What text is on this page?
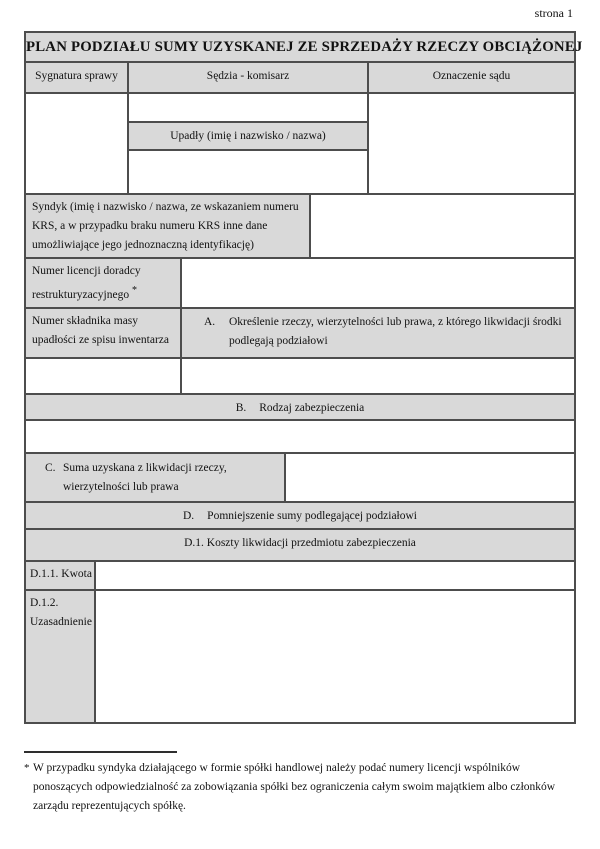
strona 1
PLAN PODZIAŁU SUMY UZYSKANEJ ZE SPRZEDAŻY RZECZY OBCIĄŻONEJ
Sygnatura sprawy	Sędzia - komisarz	Oznaczenie sądu
Upadły (imię i nazwisko / nazwa)
Syndyk (imię i nazwisko / nazwa, ze wskazaniem numeru KRS, a w przypadku braku numeru KRS inne dane umożliwiające jego jednoznaczną identyfikację)
Numer licencji doradcy
restrukturyzacyjnego *
Numer składnika masy
upadłości ze spisu inwentarza
A. Określenie rzeczy, wierzytelności lub prawa, z którego likwidacji środki podlegają podziałowi
B. Rodzaj zabezpieczenia
C. Suma uzyskana z likwidacji rzeczy, wierzytelności lub prawa
D. Pomniejszenie sumy podlegającej podziałowi
D.1. Koszty likwidacji przedmiotu zabezpieczenia
D.1.1. Kwota
D.1.2.
Uzasadnienie
* W przypadku syndyka działającego w formie spółki handlowej należy podać numery licencji wspólników ponoszących odpowiedzialność za zobowiązania spółki bez ograniczenia całym swoim majątkiem albo członków zarządu reprezentujących spółkę.
